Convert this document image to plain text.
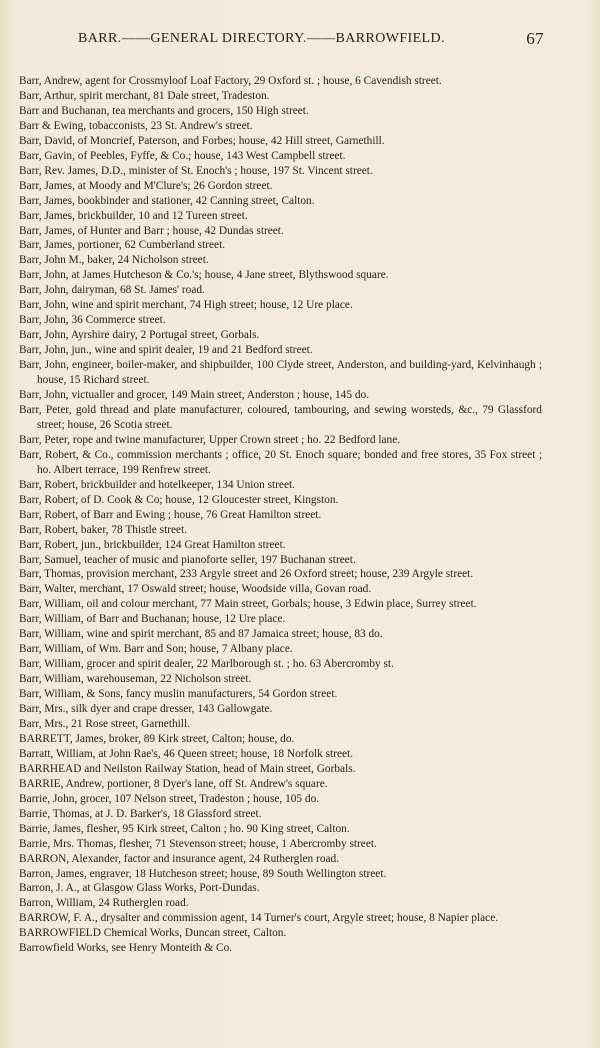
BARR.——GENERAL DIRECTORY.——BARROWFIELD.	67

Barr, Andrew, agent for Crossmyloof Loaf Factory, 29 Oxford st. ; house, 6 Cavendish street.

Barr, Arthur, spirit merchant, 81 Dale street, Tradeston.

Barr and Buchanan, tea merchants and grocers, 150 High street.

Barr & Ewing, tobacconists, 23 St. Andrew's street.

Barr, David, of Moncrief, Paterson, and Forbes; house, 42 Hill street, Garnethill.

Barr, Gavin, of Peebles, Fyffe, & Co.; house, 143 West Campbell street.

Barr, Rev. James, D.D., minister of St. Enoch's ; house, 197 St. Vincent street.

Barr, James, at Moody and M'Clure's; 26 Gordon street.

Barr, James, bookbinder and stationer, 42 Canning street, Calton.

Barr, James, brickbuilder, 10 and 12 Tureen street.

Barr, James, of Hunter and Barr ; house, 42 Dundas street.

Barr, James, portioner, 62 Cumberland street.

Barr, John M., baker, 24 Nicholson street.

Barr, John, at James Hutcheson & Co.'s; house, 4 Jane street, Blythswood square.

Barr, John, dairyman, 68 St. James' road.

Barr, John, wine and spirit merchant, 74 High street; house, 12 Ure place.

Barr, John, 36 Commerce street.

Barr, John, Ayrshire dairy, 2 Portugal street, Gorbals.

Barr, John, jun., wine and spirit dealer, 19 and 21 Bedford street.

Barr, John, engineer, boiler-maker, and shipbuilder, 100 Clyde street, Anderston, and building-yard, Kelvinhaugh ; house, 15 Richard street.

Barr, John, victualler and grocer, 149 Main street, Anderston ; house, 145 do.

Barr, Peter, gold thread and plate manufacturer, coloured, tambouring, and sewing worsteds, &c., 79 Glassford street; house, 26 Scotia street.

Barr, Peter, rope and twine manufacturer, Upper Crown street ; ho. 22 Bedford lane.

Barr, Robert, & Co., commission merchants ; office, 20 St. Enoch square; bonded and free stores, 35 Fox street ; ho. Albert terrace, 199 Renfrew street.

Barr, Robert, brickbuilder and hotelkeeper, 134 Union street.

Barr, Robert, of D. Cook & Co; house, 12 Gloucester street, Kingston.

Barr, Robert, of Barr and Ewing ; house, 76 Great Hamilton street.

Barr, Robert, baker, 78 Thistle street.

Barr, Robert, jun., brickbuilder, 124 Great Hamilton street.

Barr, Samuel, teacher of music and pianoforte seller, 197 Buchanan street.

Barr, Thomas, provision merchant, 233 Argyle street and 26 Oxford street; house, 239 Argyle street.

Barr, Walter, merchant, 17 Oswald street; house, Woodside villa, Govan road.

Barr, William, oil and colour merchant, 77 Main street, Gorbals; house, 3 Edwin place, Surrey street.

Barr, William, of Barr and Buchanan; house, 12 Ure place.

Barr, William, wine and spirit merchant, 85 and 87 Jamaica street; house, 83 do.

Barr, William, of Wm. Barr and Son; house, 7 Albany place.

Barr, William, grocer and spirit dealer, 22 Marlborough st. ; ho. 63 Abercromby st.

Barr, William, warehouseman, 22 Nicholson street.

Barr, William, & Sons, fancy muslin manufacturers, 54 Gordon street.

Barr, Mrs., silk dyer and crape dresser, 143 Gallowgate.

Barr, Mrs., 21 Rose street, Garnethill.

BARRETT, James, broker, 89 Kirk street, Calton; house, do.

Barratt, William, at John Rae's, 46 Queen street; house, 18 Norfolk street.

BARRHEAD and Neilston Railway Station, head of Main street, Gorbals.

BARRIE, Andrew, portioner, 8 Dyer's lane, off St. Andrew's square.

Barrie, John, grocer, 107 Nelson street, Tradeston ; house, 105 do.

Barrie, Thomas, at J. D. Barker's, 18 Glassford street.

Barrie, James, flesher, 95 Kirk street, Calton ; ho. 90 King street, Calton.

Barrie, Mrs. Thomas, flesher, 71 Stevenson street; house, 1 Abercromby street.

BARRON, Alexander, factor and insurance agent, 24 Rutherglen road.

Barron, James, engraver, 18 Hutcheson street; house, 89 South Wellington street.

Barron, J. A., at Glasgow Glass Works, Port-Dundas.

Barron, William, 24 Rutherglen road.

BARROW, F. A., drysalter and commission agent, 14 Turner's court, Argyle street; house, 8 Napier place.

BARROWFIELD Chemical Works, Duncan street, Calton.

Barrowfield Works, see Henry Monteith & Co.
